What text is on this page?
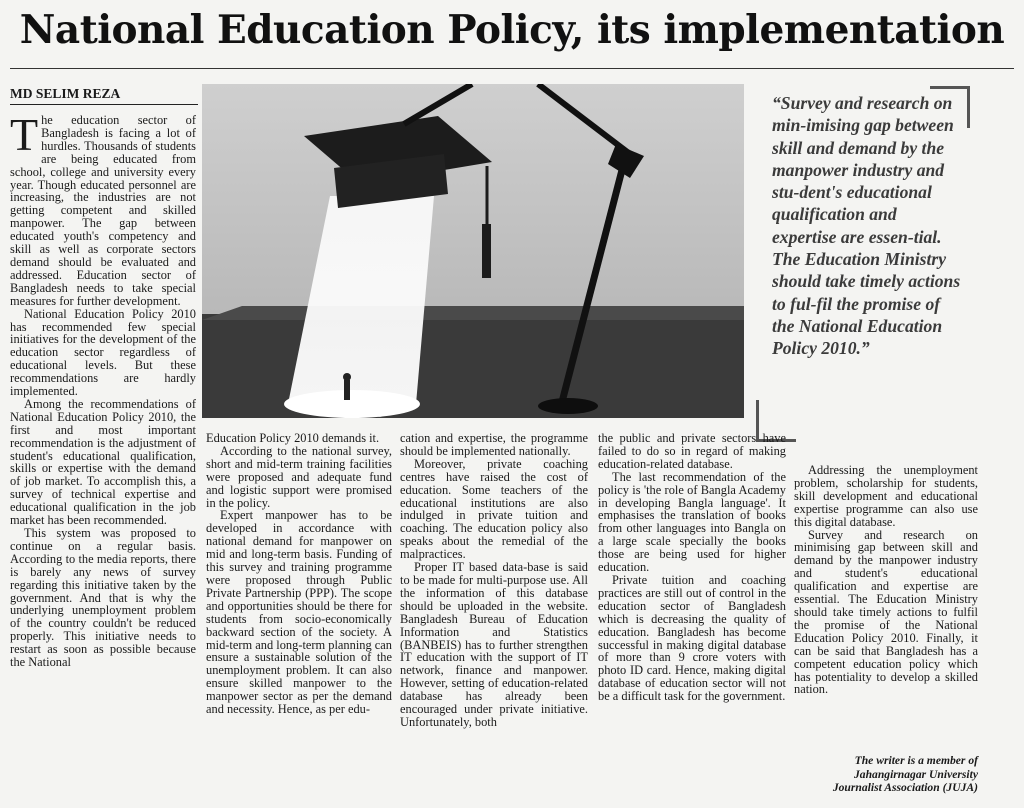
National Education Policy, its implementation
MD SELIM REZA	“Survey and research on min-imising gap between skill and demand by the manpower industry and stu-dent's educational qualification and expertise are essen-tial. The Education Ministry should take timely actions to ful-fil the promise of the National Education Policy 2010.”

The education sector of Bangladesh is facing a lot of hurdles. Thousands of students are being educated from school, college and university every year. Though educated personnel are increasing, the industries are not getting competent and skilled manpower. The gap between educated youth's competency and skill as well as corporate sectors demand should be evaluated and addressed. Education sector of Bangladesh needs to take special measures for further development.

National Education Policy 2010 has recommended few special initiatives for the development of the education sector regardless of educational levels. But these recommendations are hardly implemented.

Among the recommendations of National Education Policy 2010, the first and most important recommendation is the adjustment of student's educational qualification, skills or expertise with the demand of job market. To accomplish this, a survey of technical expertise and educational qualification in the job market has been recommended.

This system was proposed to continue on a regular basis. According to the media reports, there is barely any news of survey regarding this initiative taken by the government. And that is why the underlying unemployment problem of the country couldn't be reduced properly. This initiative needs to restart as soon as possible because the National

Education Policy 2010 demands it.

According to the national survey, short and mid-term training facilities were proposed and adequate fund and logistic support were promised in the policy.

Expert manpower has to be developed in accordance with national demand for manpower on mid and long-term basis. Funding of this survey and training programme were proposed through Public Private Partnership (PPP). The scope and opportunities should be there for students from socio-economically backward section of the society. A mid-term and long-term planning can ensure a sustainable solution of the unemployment problem. It can also ensure skilled manpower to the manpower sector as per the demand and necessity. Hence, as per edu-

cation and expertise, the programme should be implemented nationally.

Moreover, private coaching centres have raised the cost of education. Some teachers of the educational institutions are also indulged in private tuition and coaching. The education policy also speaks about the remedial of the malpractices.

Proper IT based data-base is said to be made for multi-purpose use. All the information of this database should be uploaded in the website. Bangladesh Bureau of Education Information and Statistics (BANBEIS) has to further strengthen IT education with the support of IT network, finance and manpower. However, setting of education-related database has already been encouraged under private initiative. Unfortunately, both

the public and private sectors have failed to do so in regard of making education-related database.

The last recommendation of the policy is 'the role of Bangla Academy in developing Bangla language'. It emphasises the translation of books from other languages into Bangla on a large scale specially the books those are being used for higher education.

Private tuition and coaching practices are still out of control in the education sector of Bangladesh which is decreasing the quality of education. Bangladesh has become successful in making digital database of more than 9 crore voters with photo ID card. Hence, making digital database of education sector will not be a difficult task for the government.

Addressing the unemployment problem, scholarship for students, skill development and educational expertise programme can also use this digital database.

Survey and research on minimising gap between skill and demand by the manpower industry and student's educational qualification and expertise are essential. The Education Ministry should take timely actions to fulfil the promise of the National Education Policy 2010. Finally, it can be said that Bangladesh has a competent education policy which has potentiality to develop a skilled nation.

The writer is a member of Jahangirnagar University Journalist Association (JUJA)
